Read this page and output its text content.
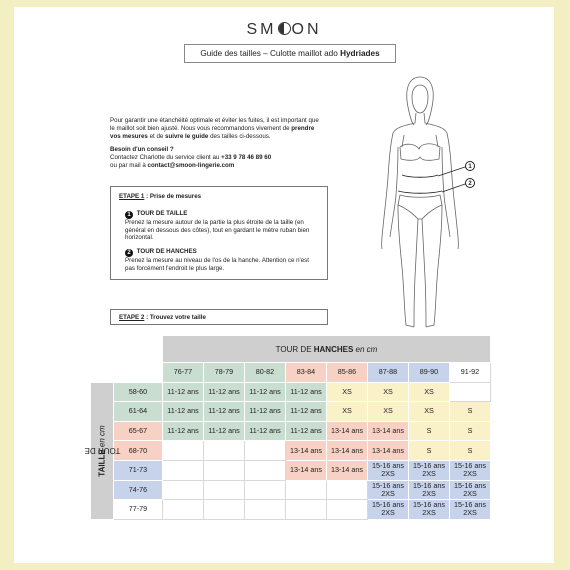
SM ON
Guide des tailles – Culotte maillot ado Hydriades

Pour garantir une étanchéité optimale et éviter les fuites, il est important que le maillot soit bien ajusté. Nous vous recommandons vivement de prendre vos mesures et de suivre le guide des tailles ci-dessous.

Besoin d'un conseil ?
Contactez Charlotte du service client au +33 9 78 46 89 60
ou par mail à contact@smoon-lingerie.com

ETAPE 1 : Prise de mesures
1 TOUR DE TAILLE
Prenez la mesure autour de la partie la plus étroite de la taille (en général en dessous des côtes), tout en gardant le mètre ruban bien horizontal.
2 TOUR DE HANCHES
Prenez la mesure au niveau de l'os de la hanche. Attention ce n'est pas forcément l'endroit le plus large.
ETAPE 2 : Trouvez votre taille
1
2
		TOUR DE HANCHES en cm							
		76-77	78-79	80-82	83-84	85-86	87-88	89-90	91-92

TOUR DE
TAILLE en cm	58-60	11-12 ans	11-12 ans	11-12 ans	11-12 ans	XS	XS	XS	
	61-64	11-12 ans	11-12 ans	11-12 ans	11-12 ans	XS	XS	XS	S
	65-67	11-12 ans	11-12 ans	11-12 ans	11-12 ans	13-14 ans	13-14 ans	S	S
	68-70				13-14 ans	13-14 ans	13-14 ans	S	S
	71-73				13-14 ans	13-14 ans	15-16 ans 2XS	15-16 ans 2XS	15-16 ans 2XS
	74-76						15-16 ans 2XS	15-16 ans 2XS	15-16 ans 2XS
	77-79						15-16 ans 2XS	15-16 ans 2XS	15-16 ans 2XS
